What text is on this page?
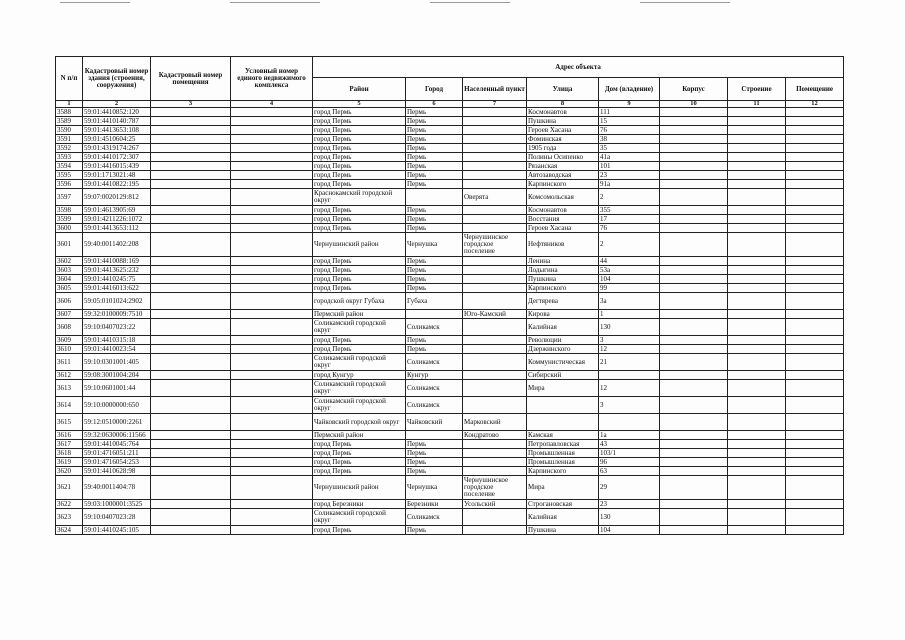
N п/п	Кадастровый номер здания (строения, сооружения)	Кадастровый номер помещения	Условный номер единого недвижимого комплекса	Адрес объекта							
				Район	Город	Населенный пункт	Улица	Дом (владение)	Корпус	Строение	Помещение
1	2	3	4	5	6	7	8	9	10	11	12
3588	59:01:4410852:120			город Пермь	Пермь		Космонавтов	111			
3589	59:01:4410140:787			город Пермь	Пермь		Пушкина	15			
3590	59:01:4413653:108			город Пермь	Пермь		Героев Хасана	76			
3591	59:01:4510604:25			город Пермь	Пермь		Фоминская	38			
3592	59:01:4319174:267			город Пермь	Пермь		1905 года	35			
3593	59:01:4410172:307			город Пермь	Пермь		Полины Осипенко	41а			
3594	59:01:4416015:439			город Пермь	Пермь		Рязанская	101			
3595	59:01:1713021:48			город Пермь	Пермь		Автозаводская	23			
3596	59:01:4410822:195			город Пермь	Пермь		Карпинского	91а			
3597	59:07:0020129:812			Краснокамский городской округ		Оверята	Комсомольская	2			
3598	59:01:4613905:69			город Пермь	Пермь		Космонавтов	355			
3599	59:01:4211226:1072			город Пермь	Пермь		Восстания	17			
3600	59:01:4413653:112			город Пермь	Пермь		Героев Хасана	76			
3601	59:40:0011402:208			Чернушинский район	Чернушка	Чернушинское городское поселение	Нефтяников	2			
3602	59:01:4410088:169			город Пермь	Пермь		Ленина	44			
3603	59:01:4413625:232			город Пермь	Пермь		Лодыгина	53а			
3604	59:01:4410245:75			город Пермь	Пермь		Пушкина	104			
3605	59:01:4416013:622			город Пермь	Пермь		Карпинского	99			
3606	59:05:0101024:2902			городской округ Губаха	Губаха		Дегтярева	3а			
3607	59:32:0100009:7510			Пермский район		Юго-Камский	Кирова	1			
3608	59:10:0407023:22			Соликамский городской округ	Соликамск		Калийная	130			
3609	59:01:4410315:18			город Пермь	Пермь		Революции	3			
3610	59:01:4410023:54			город Пермь	Пермь		Дзержинского	12			
3611	59:10:0301001:405			Соликамский городской округ	Соликамск		Коммунистическая	21			
3612	59:08:3001004:204			город Кунгур	Кунгур		Сибирский				
3613	59:10:0601001:44			Соликамский городской округ	Соликамск		Мира	12			
3614	59:10:0000000:650			Соликамский городской округ	Соликамск			3			
3615	59:12:0510000:2261			Чайковский городской округ	Чайковский	Марковский					
3616	59:32:0630006:11566			Пермский район		Кондратово	Камская	1а			
3617	59:01:4410045:764			город Пермь	Пермь		Петропавловская	43			
3618	59:01:4716051:211			город Пермь	Пермь		Промышленная	103/1			
3619	59:01:4716054:253			город Пермь	Пермь		Промышленная	96			
3620	59:01:4410628:98			город Пермь	Пермь		Карпинского	63			
3621	59:40:0011404:78			Чернушинский район	Чернушка	Чернушинское городское поселение	Мира	29			
3622	59:03:1000001:3525			город Березники	Березники	Усольский	Строгановская	23			
3623	59:10:0407023:28			Соликамский городской округ	Соликамск		Калийная	130			
3624	59:01:4410245:105			город Пермь	Пермь		Пушкина	104			
